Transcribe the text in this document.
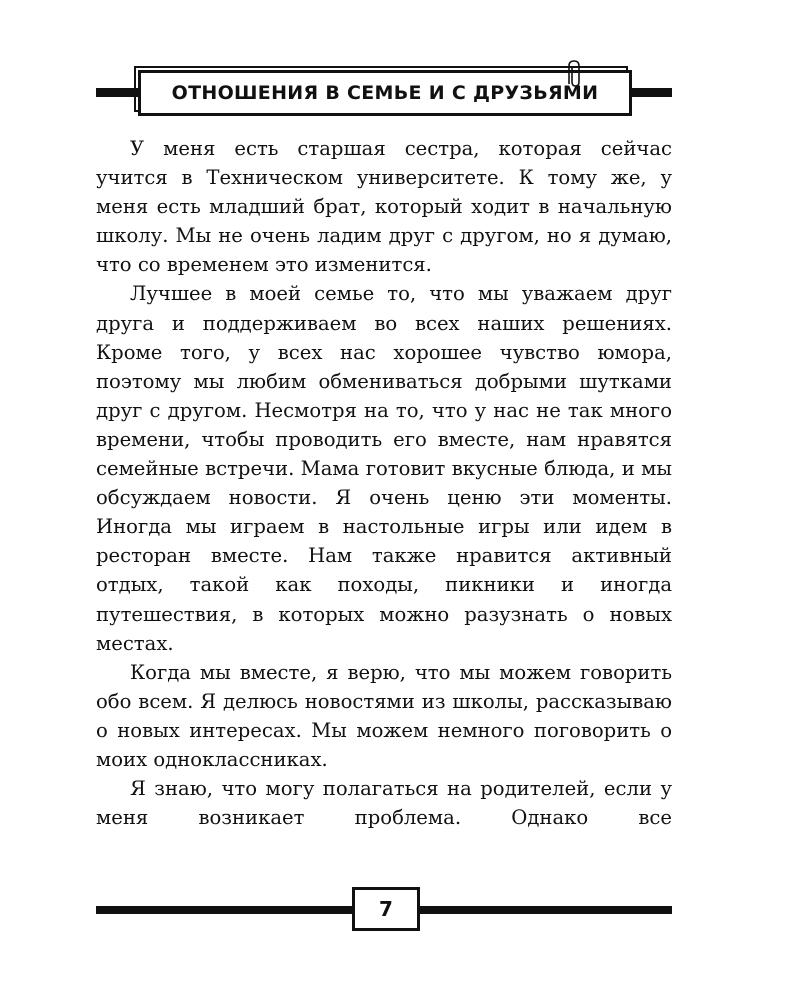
ОТНОШЕНИЯ В СЕМЬЕ И С ДРУЗЬЯМИ

У меня есть старшая сестра, которая сейчас учится в Техническом университете. К тому же, у меня есть младший брат, который ходит в начальную школу. Мы не очень ладим друг с другом, но я думаю, что со временем это изменится.

Лучшее в моей семье то, что мы уважаем друг друга и поддерживаем во всех наших решениях. Кроме того, у всех нас хорошее чувство юмора, поэтому мы любим обмениваться добрыми шутками друг с другом. Несмотря на то, что у нас не так много времени, чтобы проводить его вместе, нам нравятся семейные встречи. Мама готовит вкусные блюда, и мы обсуждаем новости. Я очень ценю эти моменты. Иногда мы играем в настольные игры или идем в ресторан вместе. Нам также нравится активный отдых, такой как походы, пикники и иногда путешествия, в которых можно разузнать о новых местах.

Когда мы вместе, я верю, что мы можем говорить обо всем. Я делюсь новостями из школы, рассказываю о новых интересах. Мы можем немного поговорить о моих одноклассниках.

Я знаю, что могу полагаться на родителей, если у меня возникает проблема. Однако все

7
